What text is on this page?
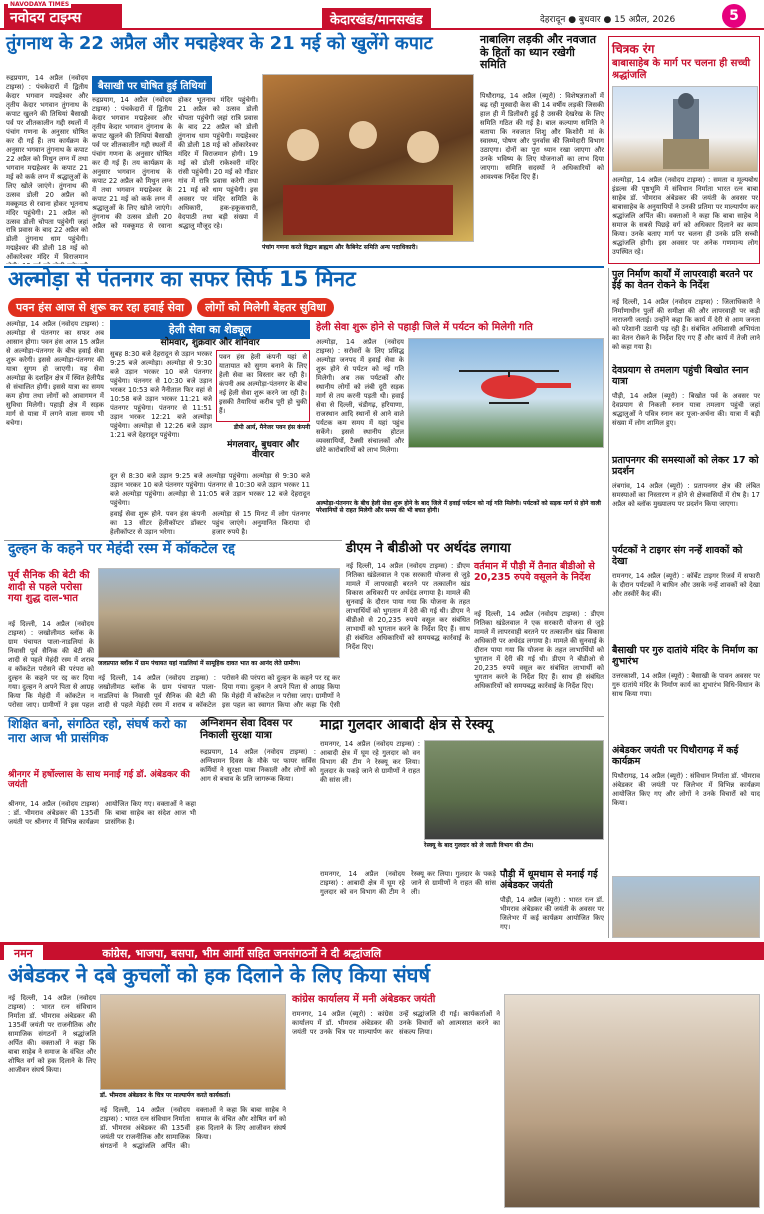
NAVODAYA TIMES
नवोदय टाइम्स	केदारखंड/मानसखंड	देहरादून ● बुधवार ● 15 अप्रैल, 2026	5
तुंगनाथ के 22 अप्रैल और मद्महेश्वर के 21 मई को खुलेंगे कपाट
बैसाखी पर घोषित हुई तिथियां
रुद्रप्रयाग, 14 अप्रैल (नवोदय टाइम्स) : पंचकेदारों में द्वितीय केदार भगवान मद्महेश्वर और तृतीय केदार भगवान तुंगनाथ के कपाट खुलने की तिथियां बैसाखी पर्व पर शीतकालीन गद्दी स्थलों में पंचांग गणना के अनुसार घोषित कर दी गई हैं। तय कार्यक्रम के अनुसार भगवान तुंगनाथ के कपाट 22 अप्रैल को मिथुन लग्न में तथा भगवान मद्महेश्वर के कपाट 21 मई को कर्क लग्न में श्रद्धालुओं के लिए खोले जाएंगे। तुंगनाथ की उत्सव डोली 20 अप्रैल को मक्कूमठ से रवाना होकर भूतनाथ मंदिर पहुंचेगी। 21 अप्रैल को उत्सव डोली चोपता पहुंचेगी जहां रात्रि प्रवास के बाद 22 अप्रैल को डोली तुंगनाथ धाम पहुंचेगी। मद्महेश्वर की डोली 18 मई को ओंकारेश्वर मंदिर में विराजमान
रुद्रप्रयाग, 14 अप्रैल (नवोदय टाइम्स) : पंचकेदारों में द्वितीय केदार भगवान मद्महेश्वर और तृतीय केदार भगवान तुंगनाथ के कपाट खुलने की तिथियां बैसाखी पर्व पर शीतकालीन गद्दी स्थलों में पंचांग गणना के अनुसार घोषित कर दी गई हैं। तय कार्यक्रम के अनुसार भगवान तुंगनाथ के कपाट 22 अप्रैल को मिथुन लग्न में तथा भगवान मद्महेश्वर के कपाट 21 मई को कर्क लग्न में श्रद्धालुओं के लिए खोले जाएंगे। तुंगनाथ की उत्सव डोली 20 अप्रैल को मक्कूमठ से रवाना होकर भूतनाथ मंदिर पहुंचेगी। 21 अप्रैल को उत्सव डोली चोपता पहुंचेगी जहां रात्रि प्रवास के बाद 22 अप्रैल को डोली तुंगनाथ धाम पहुंचेगी। मद्महेश्वर की डोली 18 मई को ओंकारेश्वर मंदिर में विराजमान होगी। 19 मई को डोली राकेश्वरी मंदिर रांसी पहुंचेगी। 20 मई को गौंडार गांव में रात्रि प्रवास करेगी तथा 21 मई को धाम पहुंचेगी। इस अवसर पर मंदिर समिति के अधिकारी, हक-हकूकधारी, वेदपाठी तथा बड़ी संख्या में श्रद्धालु मौजूद रहे।
पंचांग गणना करते विद्वान ब्राह्मण और कैबिनेट समिति अन्य पदाधिकारी।
नाबालिग लड़की और नवजात के हितों का ध्यान रखेगी समिति
पिथौरागढ़, 14 अप्रैल (ब्यूरो) : विशेषज्ञताओं में बढ़ रही मुस्वादी केस की 14 वर्षीय लड़की जिसकी हाल ही में डिलीवरी हुई है उसकी देखरेख के लिए समिति गठित की गई है। बाल कल्याण समिति ने बताया कि नवजात शिशु और किशोरी मां के स्वास्थ्य, पोषण और पुनर्वास की जिम्मेदारी विभाग उठाएगा। दोनों का पूरा ध्यान रखा जाएगा और उनके भविष्य के लिए योजनाओं का लाभ दिया जाएगा। समिति सदस्यों ने अधिकारियों को आवश्यक निर्देश दिए हैं।
चित्रक रंग
बाबासाहेब के मार्ग पर चलना ही सच्ची श्रद्धांजलि
अल्मोड़ा, 14 अप्रैल (नवोदय टाइम्स) : समता व मूल्यबोध इंडल्स की पृष्ठभूमि में संविधान निर्माता भारत रत्न बाबा साहेब डॉ. भीमराव अंबेडकर की जयंती के अवसर पर बाबासाहेब के अनुयायियों ने उनकी प्रतिमा पर माल्यार्पण कर श्रद्धांजलि अर्पित की। वक्ताओं ने कहा कि बाबा साहेब ने समाज के सबसे पिछड़े वर्ग को अधिकार दिलाने का काम किया। उनके बताए मार्ग पर चलना ही उनके प्रति सच्ची श्रद्धांजलि होगी। इस अवसर पर अनेक गणमान्य लोग उपस्थित रहे।
अल्मोड़ा से पंतनगर का सफर सिर्फ 15 मिनट
पवन हंस आज से शुरू कर रहा हवाई सेवा लोगों को मिलेगी बेहतर सुविधा
अल्मोड़ा, 14 अप्रैल (नवोदय टाइम्स) : अल्मोड़ा से पंतनगर का सफर अब आसान होगा। पवन हंस आज 15 अप्रैल से अल्मोड़ा-पंतनगर के बीच हवाई सेवा शुरू करेगी। इससे अल्मोड़ा-पंतनगर की यात्रा सुगम हो जाएगी। यह सेवा अल्मोड़ा के दशहिन क्षेत्र में स्थित हेलीपैड से संचालित होगी। इससे यात्रा का समय कम होगा तथा लोगों को आवागमन में सुविधा मिलेगी। पहाड़ी क्षेत्र में सड़क मार्ग से यात्रा में लगने वाला समय भी बचेगा।
हेली सेवा का शेड्यूल
सोमवार, शुक्रवार और शनिवार
सुबह 8:30 बजे देहरादून से उड़ान भरकर 9:25 बजे अल्मोड़ा। अल्मोड़ा से 9:30 बजे उड़ान भरकर 10 बजे पंतनगर पहुंचेगा। पंतनगर से 10:30 बजे उड़ान भरकर 10:53 बजे नैनीताल फिर वहां से 10:58 बजे उड़ान भरकर 11:21 बजे पंतनगर पहुंचेगा। पंतनगर से 11:51 उड़ान भरकर 12:21 बजे अल्मोड़ा पहुंचेगा। अल्मोड़ा से 12:26 बजे उड़ान 1:21 बजे देहरादून पहुंचेगा।
पवन हंस हेली कंपनी यहां से यातायात को सुगम बनाने के लिए हेली सेवा का विस्तार कर रही है। कंपनी अब अल्मोड़ा-पंतनगर के बीच नई हेली सेवा शुरू करने जा रही है। इसकी तैयारियां करीब पूरी हो चुकी हैं।
डीपी आर्य, मैनेजर पवन हंस कंपनी
मंगलवार, बुधवार और वीरवार
दून से 8:30 बजे उड़ान 9:25 बजे अल्मोड़ा पहुंचेगा। अल्मोड़ा से 9:30 बजे उड़ान भरकर 10 बजे पंतनगर पहुंचेगा। पंतनगर से 10:30 बजे उड़ान भरकर 11 बजे अल्मोड़ा पहुंचेगा। अल्मोड़ा से 11:05 बजे उड़ान भरकर 12 बजे देहरादून पहुंचेगा।
हवाई सेवा शुरू होने. पवन हंस कंपनी का 13 सीटर हेलीकॉप्टर डॉक्टर हेलीकॉप्टर से उड़ान भरेगा।
अल्मोड़ा से 15 मिनट में लोग पंतनगर पहुंच जाएंगे। अनुमानित किराया दो हजार रुपये है।
हेली सेवा शुरू होने से पहाड़ी जिले में पर्यटन को मिलेगी गति
अल्मोड़ा, 14 अप्रैल (नवोदय टाइम्स) : सरोवरों के लिए प्रसिद्ध अल्मोड़ा जनपद में हवाई सेवा के शुरू होने से पर्यटन को नई गति मिलेगी। अब तक पर्यटकों और स्थानीय लोगों को लंबी दूरी सड़क मार्ग से तय करनी पड़ती थी। हवाई सेवा से दिल्ली, चंडीगढ़, हरियाणा, राजस्थान आदि स्थानों से आने वाले पर्यटक कम समय में यहां पहुंच सकेंगे। इससे स्थानीय होटल व्यवसायियों, टैक्सी संचालकों और छोटे कारोबारियों को लाभ मिलेगा।
अल्मोड़ा-पंतनगर के बीच हेली सेवा शुरू होने के बाद जिले में हवाई पर्यटन को नई गति मिलेगी। पर्यटकों को सड़क मार्ग से होने वाली परेशानियों से राहत मिलेगी और समय की भी बचत होगी।
दुल्हन के कहने पर मेहंदी रस्म में कॉकटेल रद्द
पूर्व सैनिक की बेटी की शादी से पहले परोसा गया शुद्ध दाल-भात
जलप्रपात ब्लॉक में ग्राम पंचायत यहां नाडलियां में सामूहिक दावत भात का आनंद लेते ग्रामीण।
नई दिल्ली, 14 अप्रैल (नवोदय टाइम्स) : जखोलीमठ ब्लॉक के ग्राम पंचायत पाला-नाडलियां के निवासी पूर्व सैनिक की बेटी की शादी से पहले मेहंदी रस्म में शराब व कॉकटेल परोसने की परंपरा को दुल्हन के कहने पर रद्द कर दिया गया। दुल्हन ने अपने पिता से आग्रह किया कि मेहंदी में कॉकटेल न परोसा जाए। ग्रामीणों ने इस पहल
नई दिल्ली, 14 अप्रैल (नवोदय टाइम्स) : जखोलीमठ ब्लॉक के ग्राम पंचायत पाला-नाडलियां के निवासी पूर्व सैनिक की बेटी की शादी से पहले मेहंदी रस्म में शराब व कॉकटेल परोसने की परंपरा को दुल्हन के कहने पर रद्द कर दिया गया। दुल्हन ने अपने पिता से आग्रह किया कि मेहंदी में कॉकटेल न परोसा जाए। ग्रामीणों ने इस पहल का स्वागत किया और कहा कि ऐसी
डीएम ने बीडीओ पर अर्थदंड लगाया
नई दिल्ली, 14 अप्रैल (नवोदय टाइम्स) : डीएम नितिका खंडेलवाल ने एक सरकारी योजना से जुड़े मामले में लापरवाही बरतने पर तत्कालीन खंड विकास अधिकारी पर अर्थदंड लगाया है। मामले की सुनवाई के दौरान पाया गया कि योजना के तहत लाभार्थियों को भुगतान में देरी की गई थी। डीएम ने बीडीओ से 20,235 रुपये वसूल कर संबंधित लाभार्थी को भुगतान करने के निर्देश दिए हैं। साथ ही संबंधित अधिकारियों को समयबद्ध कार्रवाई के निर्देश दिए।
वर्तमान में पौड़ी में तैनात बीडीओ से 20,235 रुपये वसूलने के निर्देश
नई दिल्ली, 14 अप्रैल (नवोदय टाइम्स) : डीएम नितिका खंडेलवाल ने एक सरकारी योजना से जुड़े मामले में लापरवाही बरतने पर तत्कालीन खंड विकास अधिकारी पर अर्थदंड लगाया है। मामले की सुनवाई के दौरान पाया गया कि योजना के तहत लाभार्थियों को भुगतान में देरी की गई थी। डीएम ने बीडीओ से 20,235 रुपये वसूल कर संबंधित लाभार्थी को भुगतान करने के निर्देश दिए हैं। साथ ही संबंधित अधिकारियों को समयबद्ध कार्रवाई के निर्देश दिए।
पुल निर्माण कार्यों में लापरवाही बरतने पर ईई का वेतन रोकने के निर्देश
नई दिल्ली, 14 अप्रैल (नवोदय टाइम्स) : जिलाधिकारी ने निर्माणाधीन पुलों की समीक्षा की और लापरवाही पर कड़ी नाराजगी जताई। उन्होंने कहा कि कार्य में देरी से आम जनता को परेशानी उठानी पड़ रही है। संबंधित अधिशासी अभियंता का वेतन रोकने के निर्देश दिए गए हैं और कार्य में तेजी लाने को कहा गया है।
देवप्रयाग से तमलाग पहुंची बिखोत स्नान यात्रा
पौड़ी, 14 अप्रैल (ब्यूरो) : बिखोत पर्व के अवसर पर देवप्रयाग से निकली स्नान यात्रा तमलाग पहुंची जहां श्रद्धालुओं ने पवित्र स्नान कर पूजा-अर्चना की। यात्रा में बड़ी संख्या में लोग शामिल हुए।
प्रतापनगर की समस्याओं को लेकर 17 को प्रदर्शन
लंबगांव, 14 अप्रैल (ब्यूरो) : प्रतापनगर क्षेत्र की लंबित समस्याओं का निस्तारण न होने से क्षेत्रवासियों में रोष है। 17 अप्रैल को ब्लॉक मुख्यालय पर प्रदर्शन किया जाएगा।
पर्यटकों ने टाइगर संग नन्हें शावकों को देखा
रामनगर, 14 अप्रैल (ब्यूरो) : कॉर्बेट टाइगर रिजर्व में सफारी के दौरान पर्यटकों ने बाघिन और उसके नन्हें शावकों को देखा और तस्वीरें कैद कीं।
बैसाखी पर गुरु दातांये मंदिर के निर्माण का शुभारंभ
उत्तरकाशी, 14 अप्रैल (ब्यूरो) : बैसाखी के पावन अवसर पर गुरु दातांये मंदिर के निर्माण कार्य का शुभारंभ विधि-विधान के साथ किया गया।
अंबेडकर जयंती पर पिथौरागढ़ में कई कार्यक्रम
पिथौरागढ़, 14 अप्रैल (ब्यूरो) : संविधान निर्माता डॉ. भीमराव अंबेडकर की जयंती पर जिलेभर में विभिन्न कार्यक्रम आयोजित किए गए और लोगों ने उनके विचारों को याद किया।
शिक्षित बनो, संगठित रहो, संघर्ष करो का नारा आज भी प्रासंगिक
श्रीनगर में हर्षोल्लास के साथ मनाई गई डॉ. अंबेडकर की जयंती
श्रीनगर, 14 अप्रैल (नवोदय टाइम्स) : डॉ. भीमराव अंबेडकर की 135वीं जयंती पर श्रीनगर में विभिन्न कार्यक्रम आयोजित किए गए। वक्ताओं ने कहा कि बाबा साहेब का संदेश आज भी प्रासंगिक है।
अग्निशमन सेवा दिवस पर निकाली सुरक्षा यात्रा
रुद्रप्रयाग, 14 अप्रैल (नवोदय टाइम्स) : अग्निशमन दिवस के मौके पर फायर सर्विस कर्मियों ने सुरक्षा यात्रा निकाली और लोगों को आग से बचाव के प्रति जागरूक किया।
माद्रा गुलदार आबादी क्षेत्र से रेस्क्यू
रामनगर, 14 अप्रैल (नवोदय टाइम्स) : आबादी क्षेत्र में घूम रहे गुलदार को वन विभाग की टीम ने रेस्क्यू कर लिया। गुलदार के पकड़े जाने से ग्रामीणों ने राहत की सांस ली।
रेस्क्यू के बाद गुलदार को ले जाती विभाग की टीम।
पौड़ी में धूमधाम से मनाई गई अंबेडकर जयंती
रामनगर, 14 अप्रैल (नवोदय टाइम्स) : आबादी क्षेत्र में घूम रहे गुलदार को वन विभाग की टीम ने रेस्क्यू कर लिया। गुलदार के पकड़े जाने से ग्रामीणों ने राहत की सांस ली।
पौड़ी, 14 अप्रैल (ब्यूरो) : भारत रत्न डॉ. भीमराव अंबेडकर की जयंती के अवसर पर जिलेभर में कई कार्यक्रम आयोजित किए गए।
नमन	कांग्रेस, भाजपा, बसपा, भीम आर्मी सहित जनसंगठनों ने दी श्रद्धांजलि
अंबेडकर ने दबे कुचलों को हक दिलाने के लिए किया संघर्ष
नई दिल्ली, 14 अप्रैल (नवोदय टाइम्स) : भारत रत्न संविधान निर्माता डॉ. भीमराव अंबेडकर की 135वीं जयंती पर राजनीतिक और सामाजिक संगठनों ने श्रद्धांजलि अर्पित की। वक्ताओं ने कहा कि बाबा साहेब ने समाज के वंचित और शोषित वर्ग को हक दिलाने के लिए आजीवन संघर्ष किया।
डॉ. भीमराव अंबेडकर के चित्र पर माल्यार्पण करते कार्यकर्ता।
नई दिल्ली, 14 अप्रैल (नवोदय टाइम्स) : भारत रत्न संविधान निर्माता डॉ. भीमराव अंबेडकर की 135वीं जयंती पर राजनीतिक और सामाजिक संगठनों ने श्रद्धांजलि अर्पित की। वक्ताओं ने कहा कि बाबा साहेब ने समाज के वंचित और शोषित वर्ग को हक दिलाने के लिए आजीवन संघर्ष किया।
कांग्रेस कार्यालय में मनी अंबेडकर जयंती
रामनगर, 14 अप्रैल (ब्यूरो) : कांग्रेस कार्यालय में डॉ. भीमराव अंबेडकर की जयंती पर उनके चित्र पर माल्यार्पण कर उन्हें श्रद्धांजलि दी गई। कार्यकर्ताओं ने उनके विचारों को आत्मसात करने का संकल्प लिया।
